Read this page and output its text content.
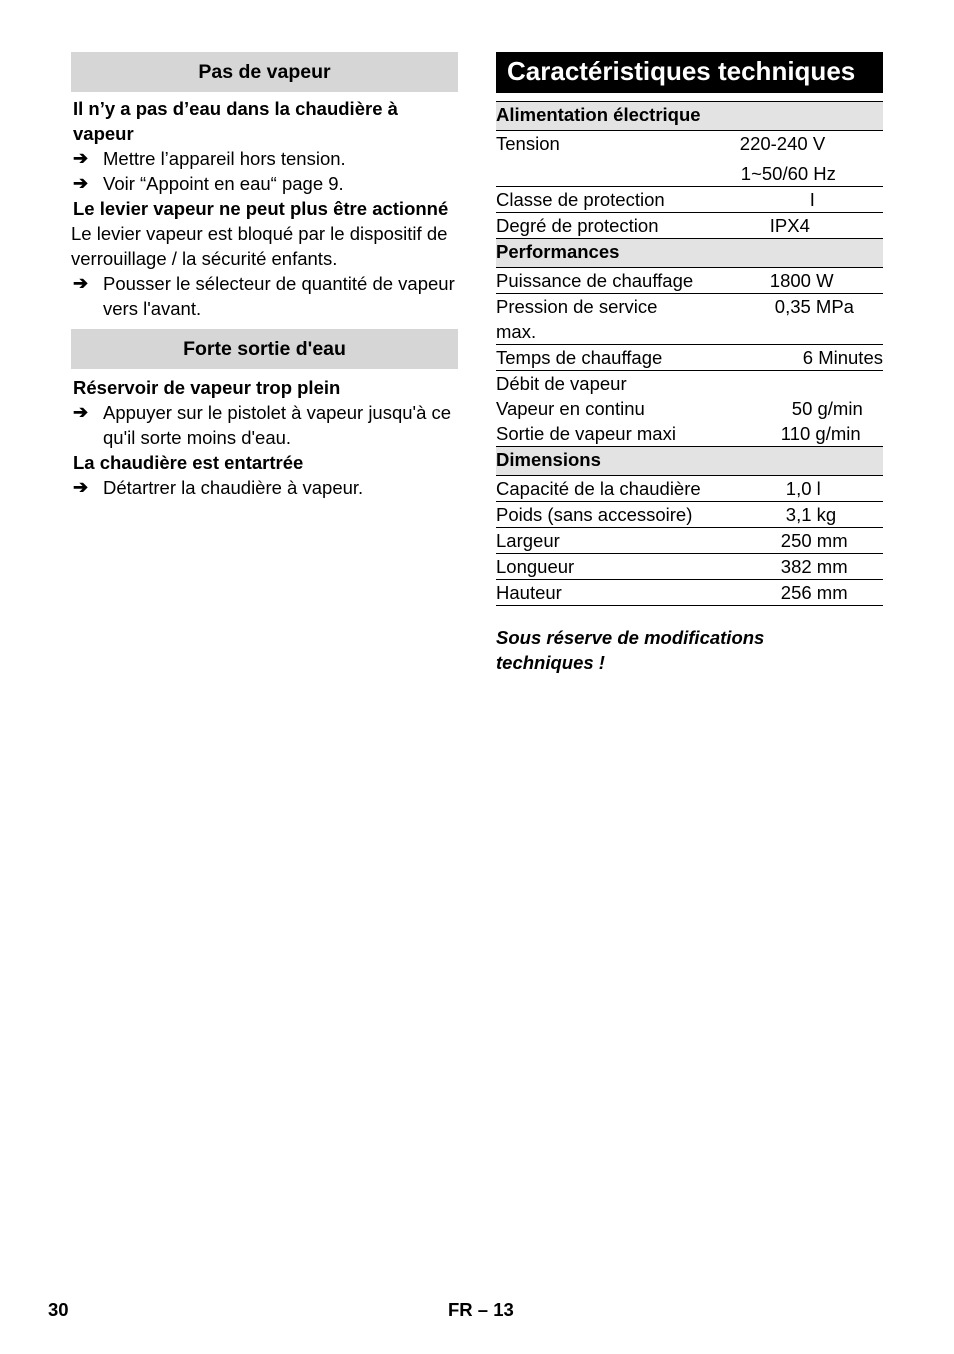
Pas de vapeur
Il n’y a pas d’eau dans la chaudière à vapeur
➔ Mettre l’appareil hors tension.
➔ Voir “Appoint en eau“ page 9.
Le levier vapeur ne peut plus être actionné
Le levier vapeur est bloqué par le dispositif de verrouillage / la sécurité enfants.
➔ Pousser le sélecteur de quantité de vapeur vers l'avant.
Forte sortie d'eau
Réservoir de vapeur trop plein
➔ Appuyer sur le pistolet à vapeur jusqu'à ce qu'il sorte moins d'eau.
La chaudière est entartrée
➔ Détartrer la chaudière à vapeur.
Caractéristiques techniques
Alimentation électrique	
Tension	220-240 V
1~50/60 Hz

Classe de protection	I

Degré de protection	IPX4

Performances	
Puissance de chauffage	1800 W

Pression de service max.	0,35 MPa

Temps de chauffage	6 Minutes

Débit de vapeur	
Vapeur en continu	50 g/min

Sortie de vapeur maxi	110 g/min

Dimensions	
Capacité de la chaudière	1,0 l

Poids (sans accessoire)	3,1 kg

Largeur	250 mm

Longueur	382 mm

Hauteur	256 mm
Sous réserve de modifications techniques !
30	FR – 13
